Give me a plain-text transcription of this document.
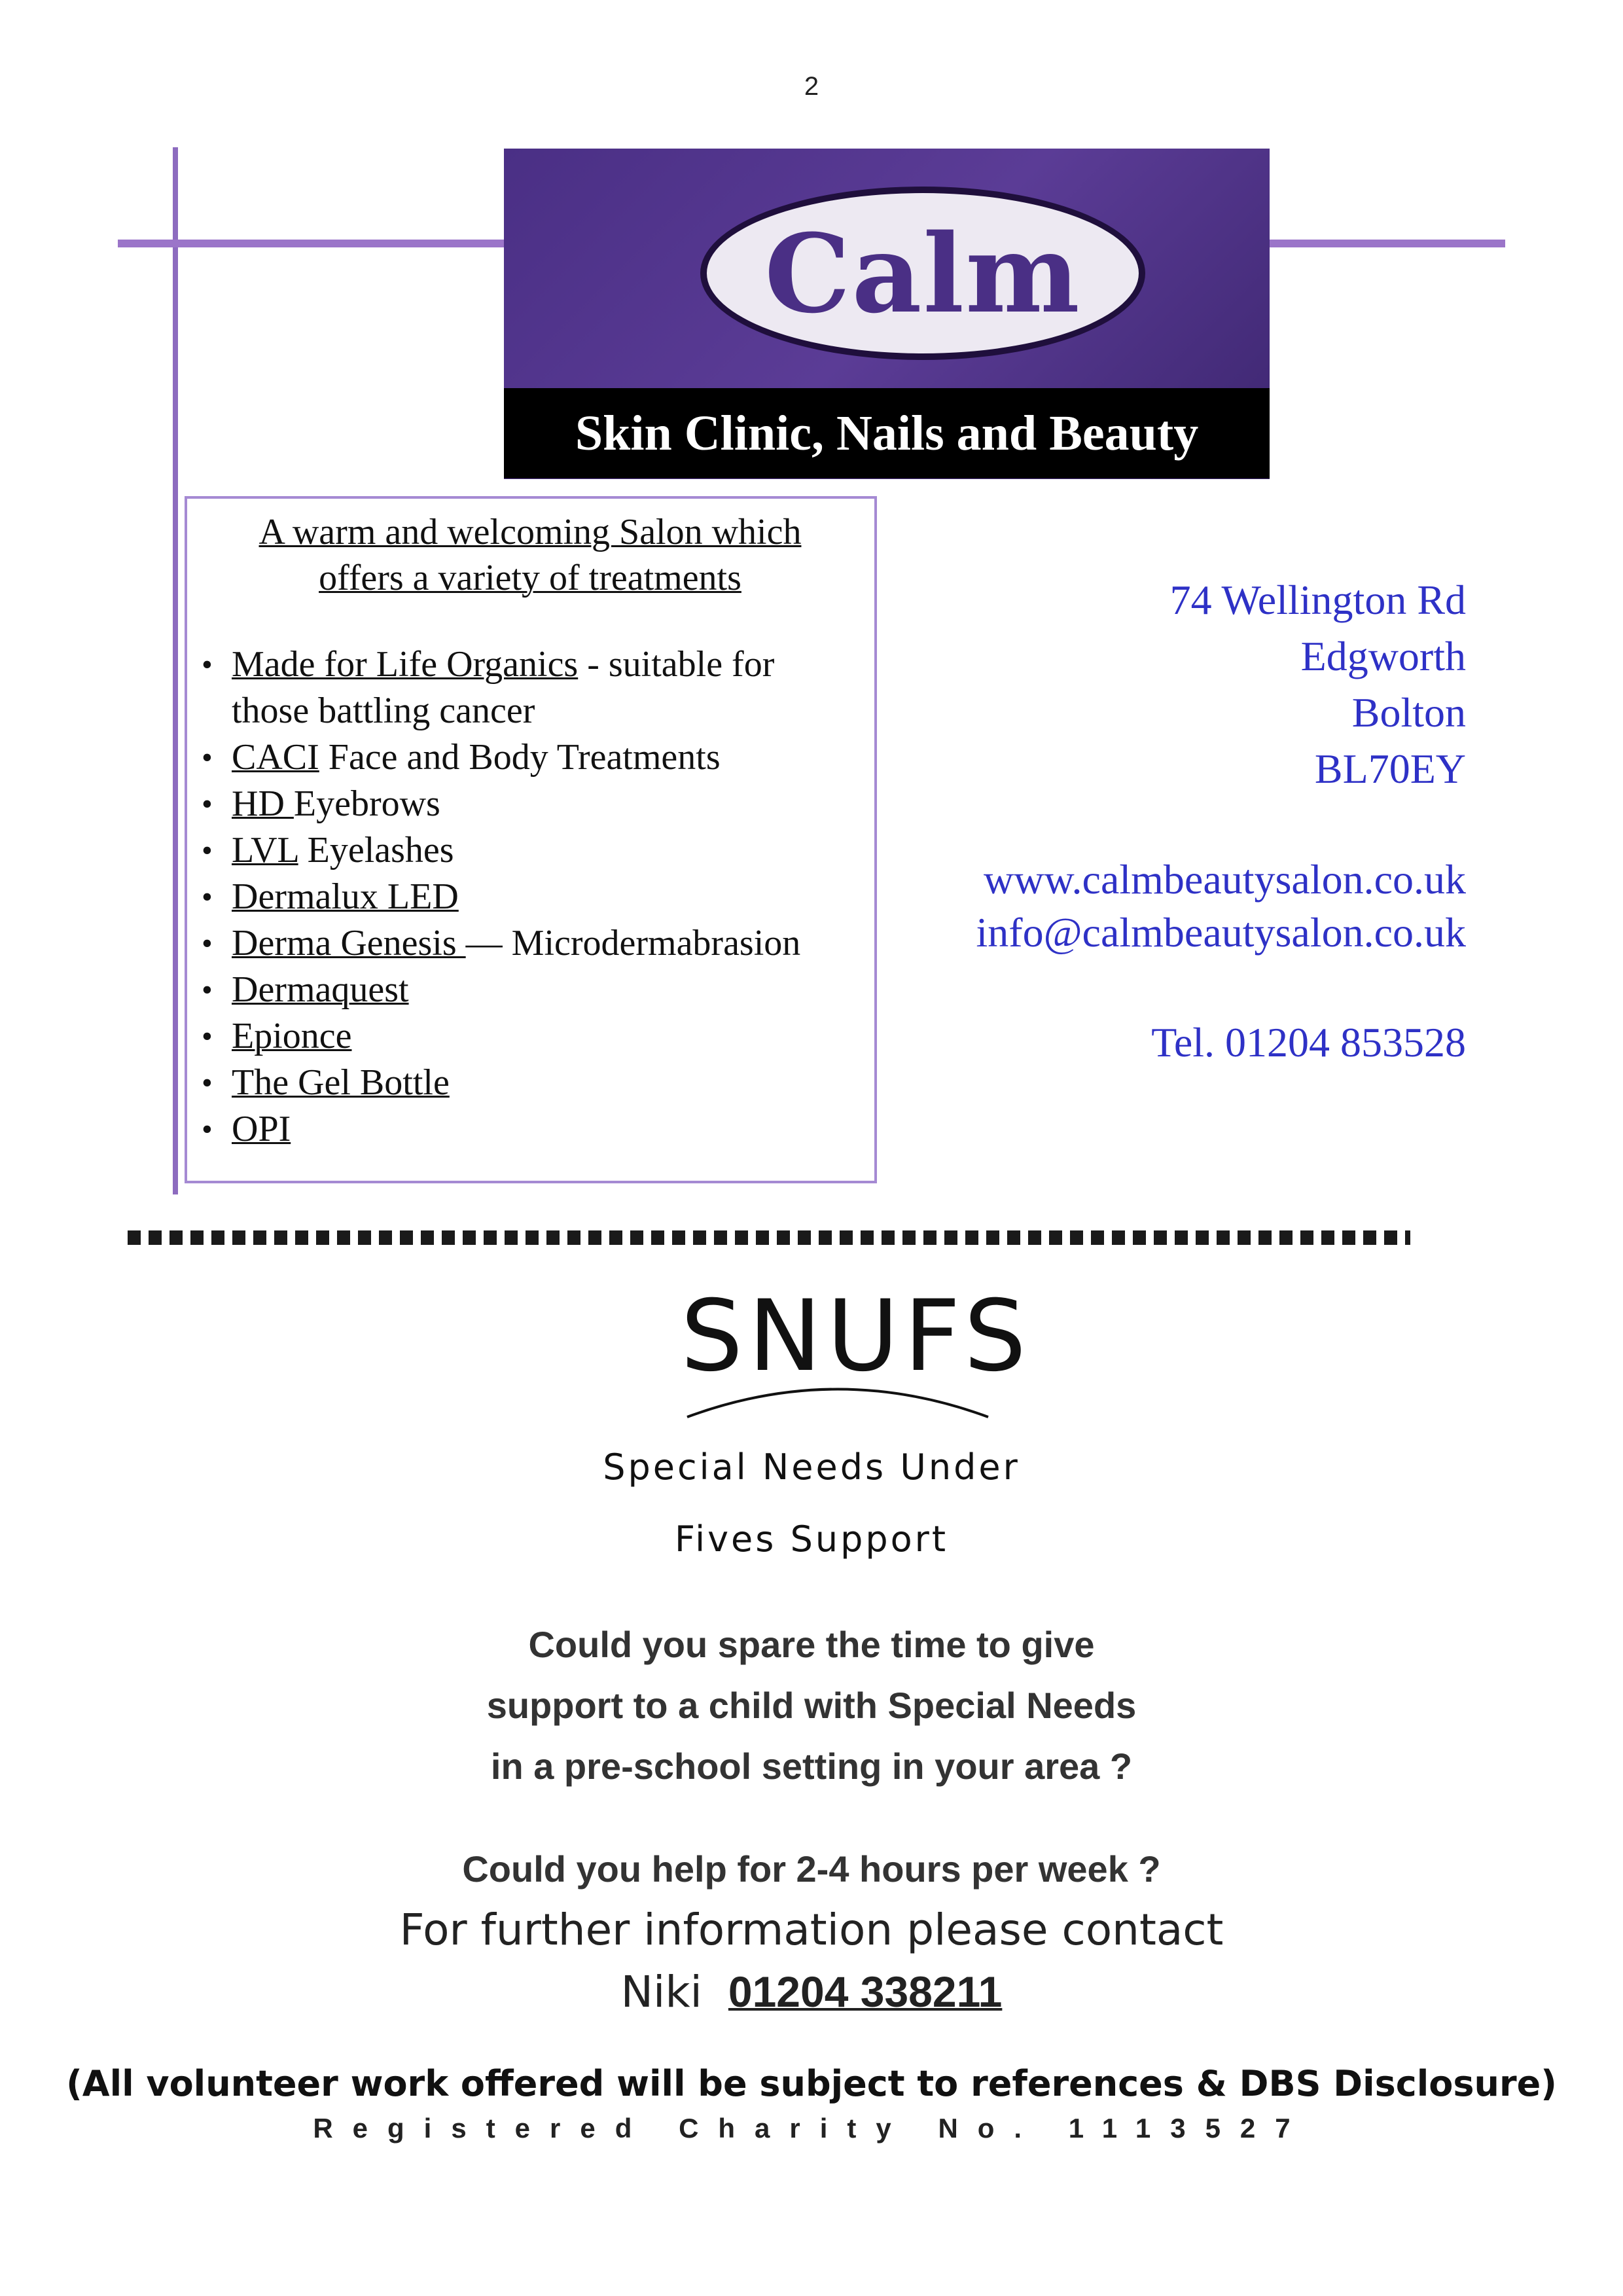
2
Calm
Skin Clinic, Nails and Beauty
A warm and welcoming Salon which
offers a variety of treatments
• Made for Life Organics - suitable for
those battling cancer
• CACI Face and Body Treatments
• HD Eyebrows
• LVL Eyelashes
• Dermalux LED
• Derma Genesis — Microdermabrasion
• Dermaquest
• Epionce
• The Gel Bottle
• OPI
74 Wellington Rd
Edgworth
Bolton
BL70EY
www.calmbeautysalon.co.uk
info@calmbeautysalon.co.uk
Tel. 01204 853528
SNUFS
Special Needs Under
Fives Support
Could you spare the time to give
support to a child with Special Needs
in a pre-school setting in your area ?
Could you help for 2-4 hours per week ?
For further information please contact
Niki 01204 338211
(All volunteer work offered will be subject to references & DBS Disclosure)
Registered Charity No. 1113527
